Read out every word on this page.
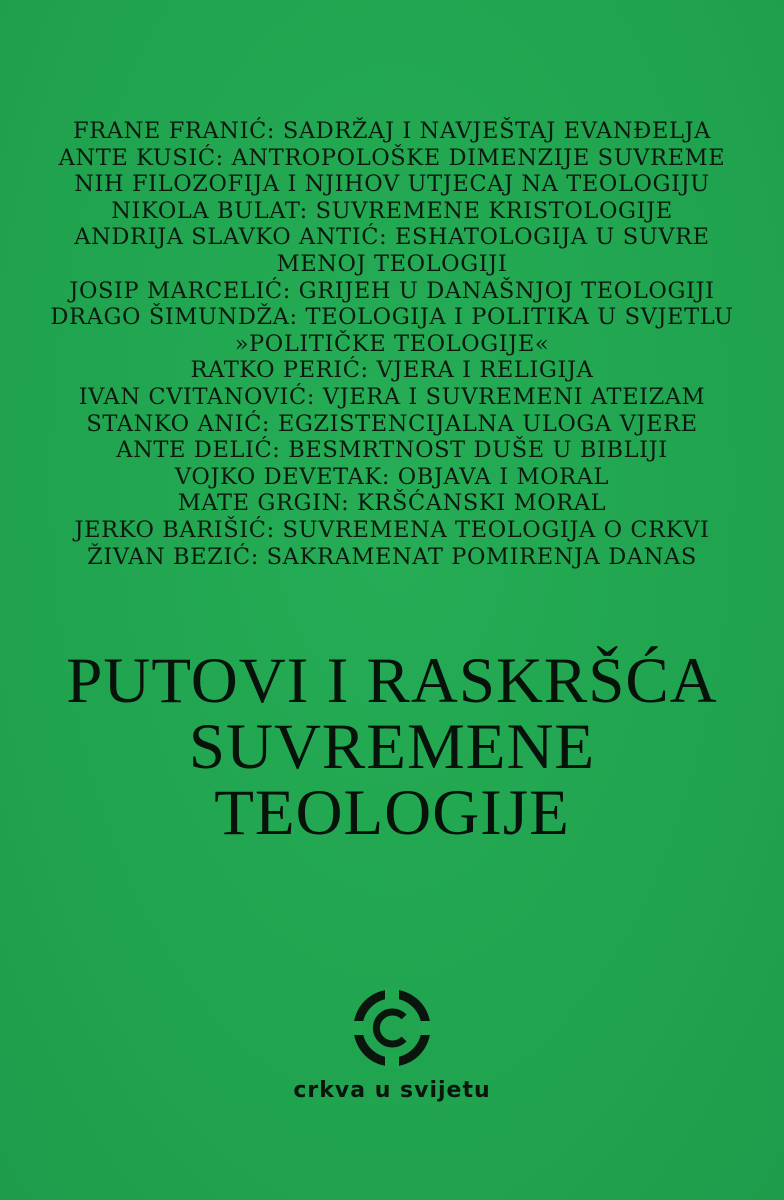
FRANE FRANIĆ: SADRŽAJ I NAVJEŠTAJ EVANĐELJA
ANTE KUSIĆ: ANTROPOLOŠKE DIMENZIJE SUVREME
NIH FILOZOFIJA I NJIHOV UTJECAJ NA TEOLOGIJU
NIKOLA BULAT: SUVREMENE KRISTOLOGIJE
ANDRIJA SLAVKO ANTIĆ: ESHATOLOGIJA U SUVRE
MENOJ TEOLOGIJI
JOSIP MARCELIĆ: GRIJEH U DANAŠNJOJ TEOLOGIJI
DRAGO ŠIMUNDŽA: TEOLOGIJA I POLITIKA U SVJETLU
»POLITIČKE TEOLOGIJE«
RATKO PERIĆ: VJERA I RELIGIJA
IVAN CVITANOVIĆ: VJERA I SUVREMENI ATEIZAM
STANKO ANIĆ: EGZISTENCIJALNA ULOGA VJERE
ANTE DELIĆ: BESMRTNOST DUŠE U BIBLIJI
VOJKO DEVETAK: OBJAVA I MORAL
MATE GRGIN: KRŠĆANSKI MORAL
JERKO BARIŠIĆ: SUVREMENA TEOLOGIJA O CRKVI
ŽIVAN BEZIĆ: SAKRAMENAT POMIRENJA DANAS
PUTOVI I RASKRŠĆA
SUVREMENE
TEOLOGIJE
crkva u svijetu
